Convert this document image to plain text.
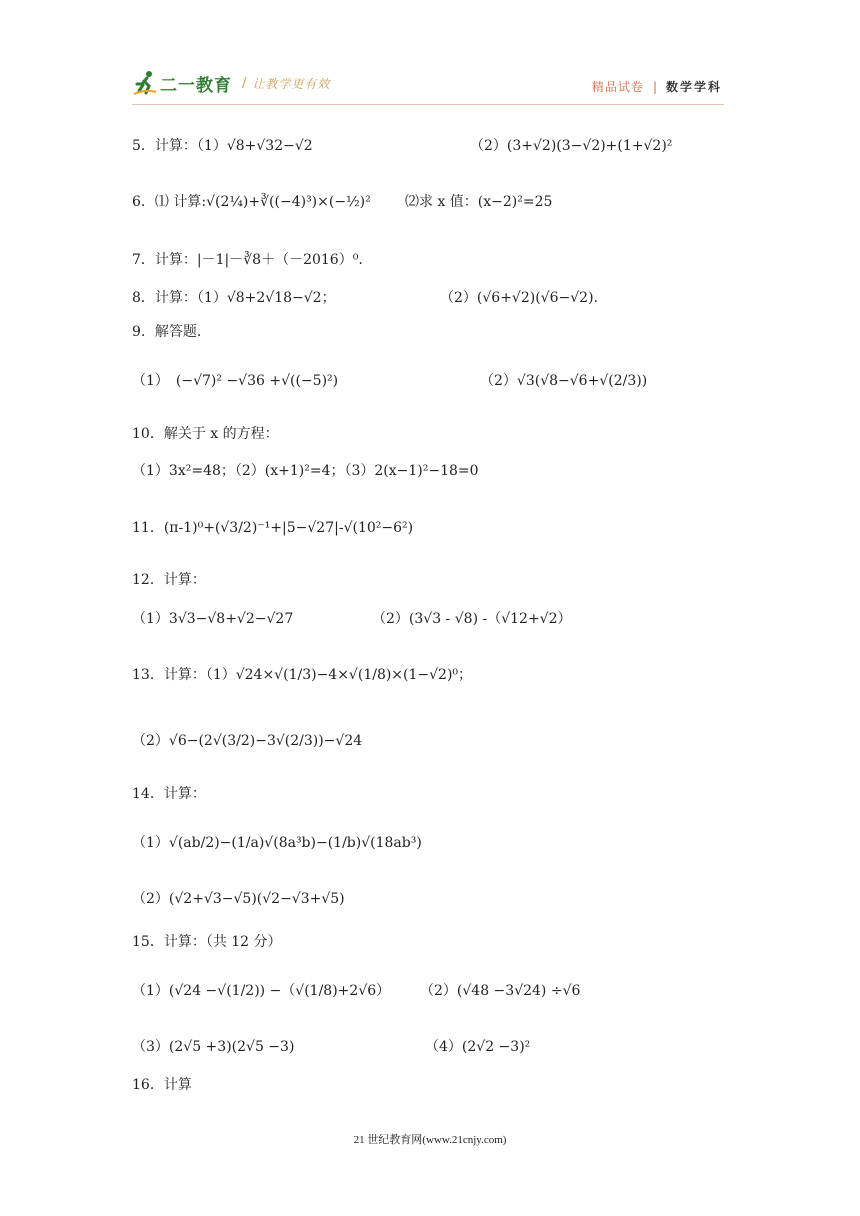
二一教育 / 让教学更有效	精品试卷 | 数学学科
5．计算：（1）√8+√32−√2	（2）(3+√2)(3−√2)+(1+√2)²
6．⑴ 计算:√(2¼)+∛((−4)³)×(−½)² ⑵求 x 值：(x−2)²=25
7．计算：|－1|－∛8＋（－2016）⁰.
8．计算：（1）√8+2√18−√2；	（2）(√6+√2)(√6−√2).
9．解答题.
（1）　(−√7)² −√36 +√((−5)²)	（2）√3(√8−√6+√(2/3))
10．解关于 x 的方程：
（1）3x²=48；（2）(x+1)²=4；（3）2(x−1)²−18=0
11．(π-1)⁰+(√3/2)⁻¹+|5−√27|-√(10²−6²)
12．计算：
（1）3√3−√8+√2−√27	（2）(3√3 - √8) -（√12+√2）
13．计算：（1）√24×√(1/3)−4×√(1/8)×(1−√2)⁰；
（2）√6−(2√(3/2)−3√(2/3))−√24
14．计算：
（1）√(ab/2)−(1/a)√(8a³b)−(1/b)√(18ab³)
（2）(√2+√3−√5)(√2−√3+√5)
15．计算：（共 12 分）
（1）(√24 −√(1/2)) −（√(1/8)+2√6） （2）(√48 −3√24) ÷√6
（3）(2√5 +3)(2√5 −3)	（4）(2√2 −3)²
16．计算
21 世纪教育网(www.21cnjy.com)
